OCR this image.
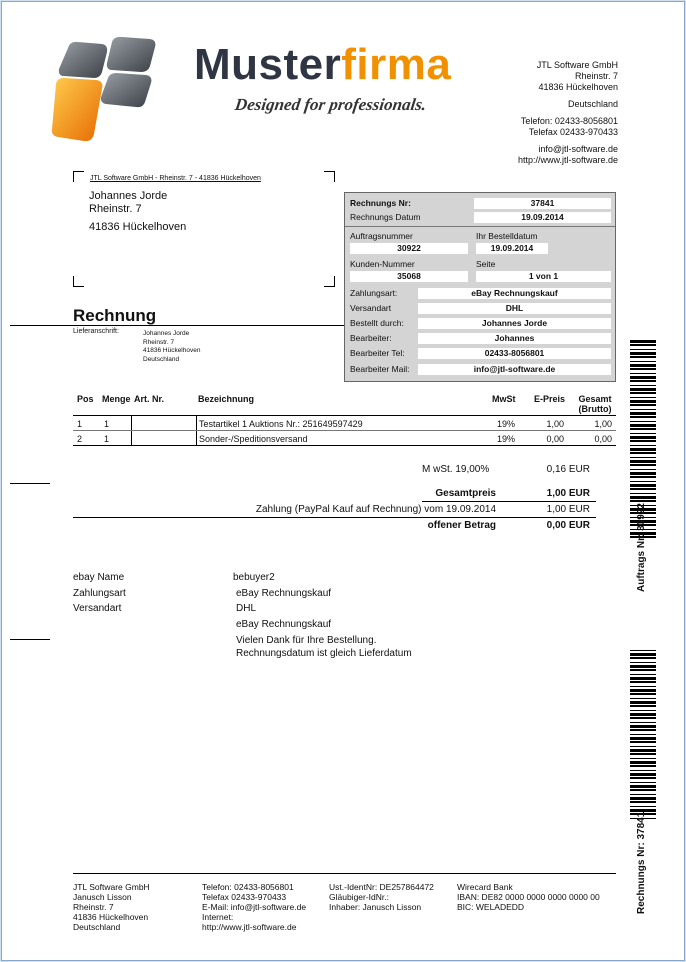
Musterfirma
Designed for professionals.
JTL Software GmbH
Rheinstr. 7
41836 Hückelhoven
Deutschland
Telefon: 02433-8056801
Telefax 02433-970433
info@jtl-software.de
http://www.jtl-software.de
JTL Software GmbH - Rheinstr. 7 - 41836 Hückelhoven
Johannes Jorde
Rheinstr. 7
41836 Hückelhoven
Rechnung
Lieferanschrift:	Johannes Jorde
Rheinstr. 7
41836 Hückelhoven
Deutschland
Rechnungs Nr:	37841
Rechnungs Datum	19.09.2014
Auftragsnummer	Ihr Bestelldatum
30922	19.09.2014
Kunden-Nummer	Seite
35068	1 von 1
Zahlungsart:	eBay Rechnungskauf
Versandart	DHL
Bestellt durch:	Johannes Jorde
Bearbeiter:	Johannes
Bearbeiter Tel:	02433-8056801
Bearbeiter Mail:	info@jtl-software.de
Pos Menge Art. Nr.	Bezeichnung	MwSt E-Preis Gesamt
(Brutto)
1 1	Testartikel 1 Auktions Nr.: 251649597429	19%	1,00	1,00
2 1	Sonder-/Speditionsversand	19%	0,00	0,00
M wSt. 19,00%	0,16 EUR
Gesamtpreis	1,00 EUR
Zahlung (PayPal Kauf auf Rechnung) vom 19.09.2014	1,00 EUR
offener Betrag	0,00 EUR
ebay Name	bebuyer2
Zahlungsart	eBay Rechnungskauf
Versandart	DHL
eBay Rechnungskauf
Vielen Dank für Ihre Bestellung.
Rechnungsdatum ist gleich Lieferdatum
JTL Software GmbH
Janusch Lisson
Rheinstr. 7
41836 Hückelhoven
Deutschland
Telefon: 02433-8056801
Telefax 02433-970433
E-Mail: info@jtl-software.de
Internet:
http://www.jtl-software.de
Ust.-IdentNr: DE257864472
Gläubiger-IdNr.:
Inhaber: Janusch Lisson
Wirecard Bank
IBAN: DE82 0000 0000 0000 0000 00
BIC: WELADEDD
Auftrags Nr: 30922
Rechnungs Nr: 37841
